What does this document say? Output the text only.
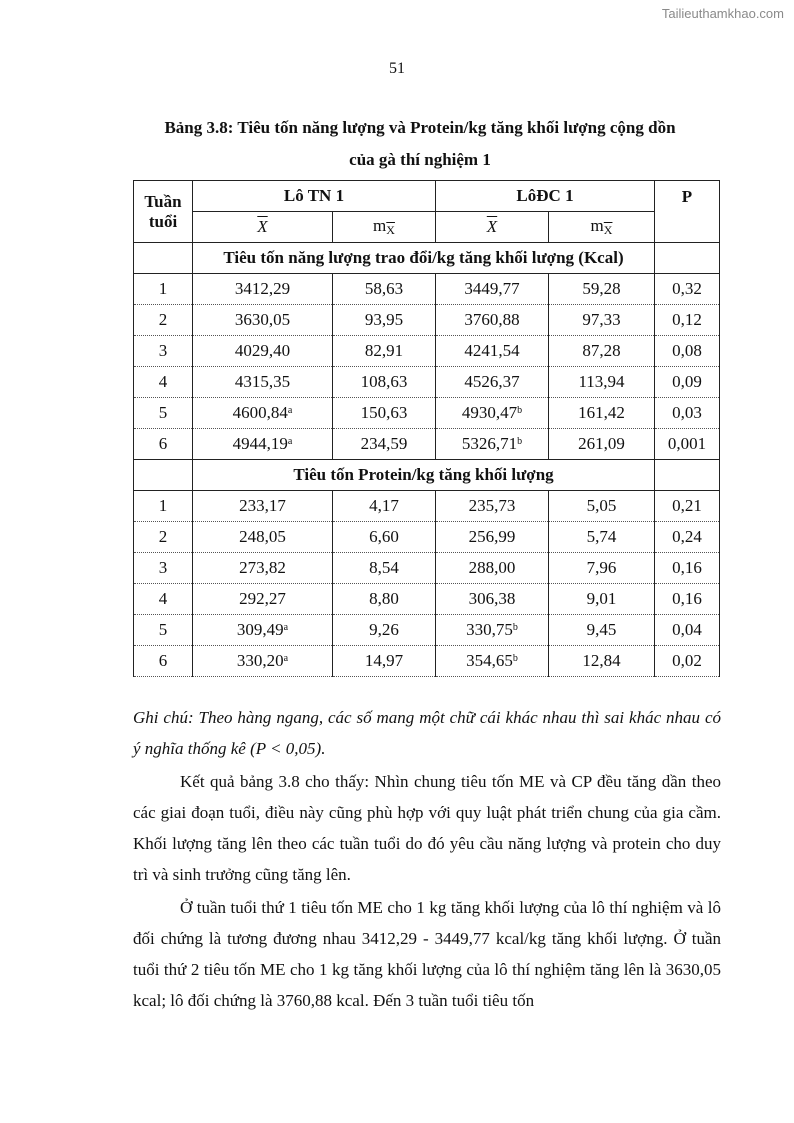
Tailieuthamkhao.com
51
Bảng 3.8: Tiêu tốn năng lượng và Protein/kg tăng khối lượng cộng dồn
của gà thí nghiệm 1
Tuần tuổi	Lô TN 1		LôĐC 1		P
	$\overline{X}$	$m\overline{X}$	$\overline{X}$	$m\overline{X}$
	Tiêu tốn năng lượng trao đổi/kg tăng khối lượng (Kcal)				
1	3412,29	58,63	3449,77	59,28	0,32
2	3630,05	93,95	3760,88	97,33	0,12
3	4029,40	82,91	4241,54	87,28	0,08
4	4315,35	108,63	4526,37	113,94	0,09
5	4600,84$^a$	150,63	4930,47$^b$	161,42	0,03
6	4944,19$^a$	234,59	5326,71$^b$	261,09	0,001
	Tiêu tốn Protein/kg tăng khối lượng				
1	233,17	4,17	235,73	5,05	0,21
2	248,05	6,60	256,99	5,74	0,24
3	273,82	8,54	288,00	7,96	0,16
4	292,27	8,80	306,38	9,01	0,16
5	309,49$^a$	9,26	330,75$^b$	9,45	0,04
6	330,20$^a$	14,97	354,65$^b$	12,84	0,02
Ghi chú: Theo hàng ngang, các số mang một chữ cái khác nhau thì sai khác nhau có ý nghĩa thống kê (P < 0,05).

Kết quả bảng 3.8 cho thấy: Nhìn chung tiêu tốn ME và CP đều tăng dần theo các giai đoạn tuổi, điều này cũng phù hợp với quy luật phát triển chung của gia cầm. Khối lượng tăng lên theo các tuần tuổi do đó yêu cầu năng lượng và protein cho duy trì và sinh trưởng cũng tăng lên.

Ở tuần tuổi thứ 1 tiêu tốn ME cho 1 kg tăng khối lượng của lô thí nghiệm và lô đối chứng là tương đương nhau 3412,29 - 3449,77 kcal/kg tăng khối lượng. Ở tuần tuổi thứ 2 tiêu tốn ME cho 1 kg tăng khối lượng của lô thí nghiệm tăng lên là 3630,05 kcal; lô đối chứng là 3760,88 kcal. Đến 3 tuần tuổi tiêu tốn
